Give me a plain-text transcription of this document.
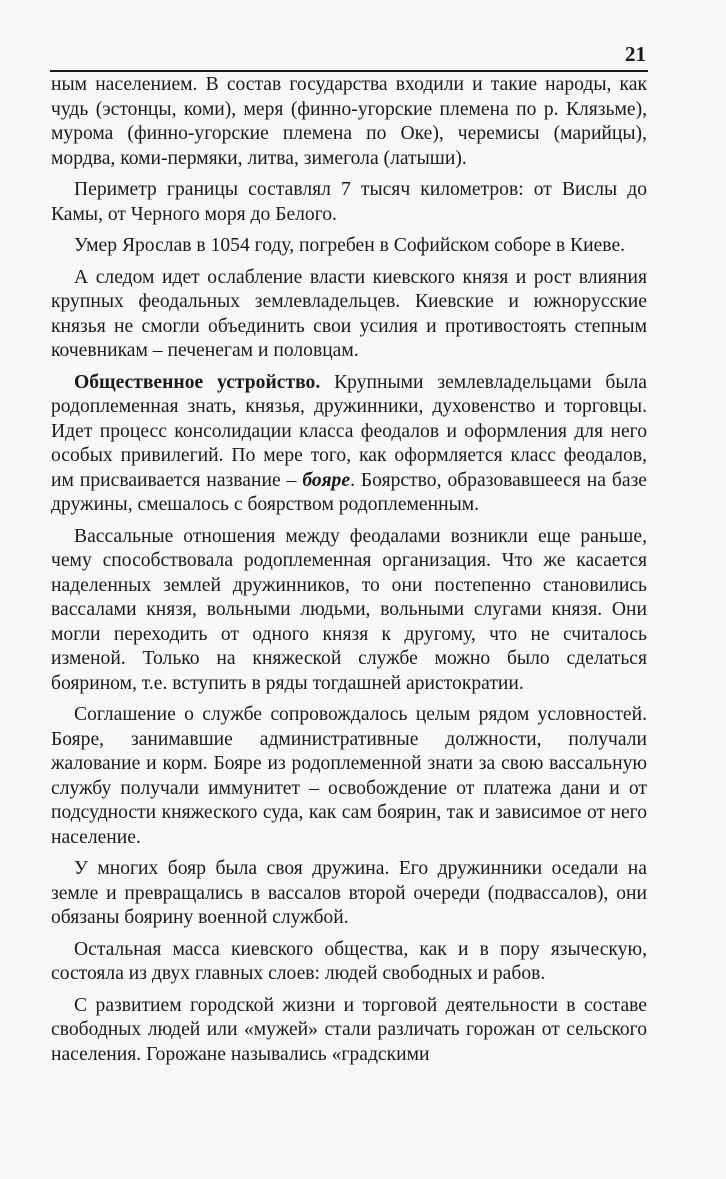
21

ным населением. В состав государства входили и такие народы, как чудь (эстонцы, коми), меря (финно-угорские племена по р. Клязьме), мурома (финно-угорские племена по Оке), черемисы (марийцы), мордва, коми-пермяки, литва, зимегола (латыши).

Периметр границы составлял 7 тысяч километров: от Вислы до Камы, от Черного моря до Белого.

Умер Ярослав в 1054 году, погребен в Софийском соборе в Киеве.

А следом идет ослабление власти киевского князя и рост влияния крупных феодальных землевладельцев. Киевские и южнорусские князья не смогли объединить свои усилия и противостоять степным кочевникам – печенегам и половцам.

Общественное устройство. Крупными землевладельцами была родоплеменная знать, князья, дружинники, духовенство и торговцы. Идет процесс консолидации класса феодалов и оформления для него особых привилегий. По мере того, как оформляется класс феодалов, им присваивается название – бояре. Боярство, образовавшееся на базе дружины, смешалось с боярством родоплеменным.

Вассальные отношения между феодалами возникли еще раньше, чему способствовала родоплеменная организация. Что же касается наделенных землей дружинников, то они постепенно становились вассалами князя, вольными людьми, вольными слугами князя. Они могли переходить от одного князя к другому, что не считалось изменой. Только на княжеской службе можно было сделаться боярином, т.е. вступить в ряды тогдашней аристократии.

Соглашение о службе сопровождалось целым рядом условностей. Бояре, занимавшие административные должности, получали жалование и корм. Бояре из родоплеменной знати за свою вассальную службу получали иммунитет – освобождение от платежа дани и от подсудности княжеского суда, как сам боярин, так и зависимое от него население.

У многих бояр была своя дружина. Его дружинники оседали на земле и превращались в вассалов второй очереди (подвассалов), они обязаны боярину военной службой.

Остальная масса киевского общества, как и в пору языческую, состояла из двух главных слоев: людей свободных и рабов.

С развитием городской жизни и торговой деятельности в составе свободных людей или «мужей» стали различать горожан от сельского населения. Горожане назывались «градскими
